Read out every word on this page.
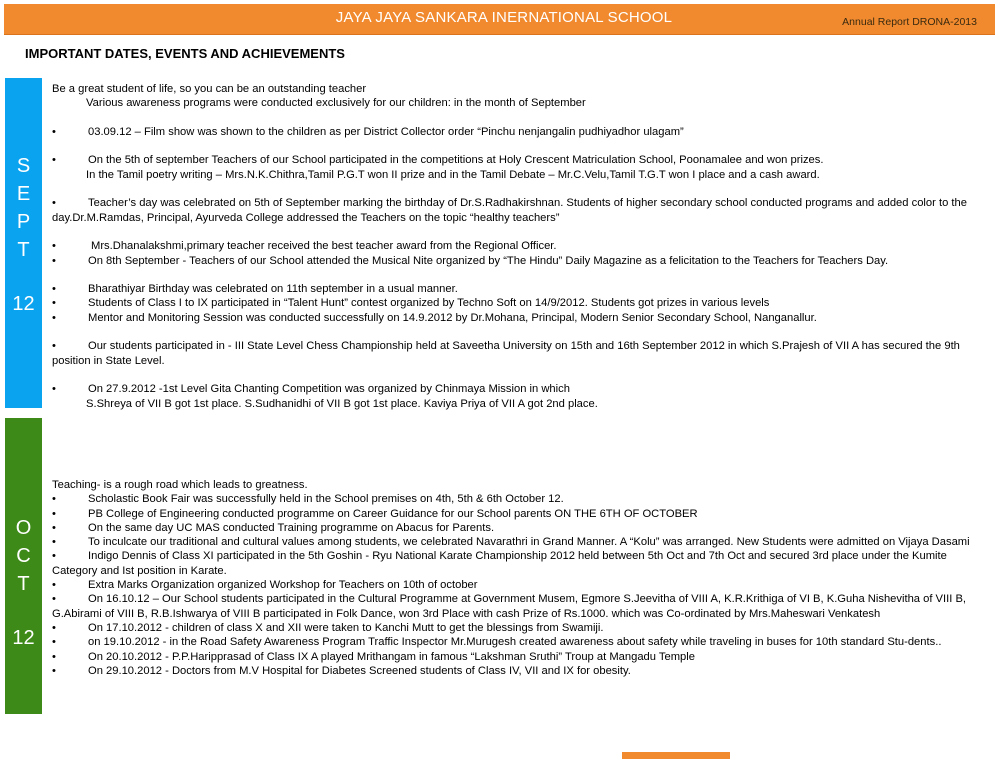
JAYA JAYA SANKARA INERNATIONAL SCHOOL	Annual Report DRONA-2013
IMPORTANT DATES, EVENTS AND ACHIEVEMENTS
S
E
P
T
12
O
C
T
12
Be a great student of life, so you can be an outstanding teacher
Various awareness programs were conducted exclusively for our children: in the month of September
•	03.09.12 – Film show was shown to the children as per District Collector order “Pinchu nenjangalin pudhiyadhor ulagam”
•	On the 5th of september Teachers of our School participated in the competitions at Holy Crescent Matriculation School, Poonamalee and won prizes.
In the Tamil poetry writing – Mrs.N.K.Chithra,Tamil P.G.T won II prize and in the Tamil Debate – Mr.C.Velu,Tamil T.G.T won I place and a cash award.
•	Teacher’s day was celebrated on 5th of September marking the birthday of Dr.S.Radhakirshnan. Students of higher secondary school conducted programs and added color to the day.Dr.M.Ramdas, Principal, Ayurveda College addressed the Teachers on the topic “healthy teachers”
•	Mrs.Dhanalakshmi,primary teacher received the best teacher award from the Regional Officer.
•	On 8th September - Teachers of our School attended the Musical Nite organized by “The Hindu” Daily Magazine as a felicitation to the Teachers for Teachers Day.
•	Bharathiyar Birthday was celebrated on 11th september in a usual manner.
•	Students of Class I to IX participated in “Talent Hunt” contest organized by Techno Soft on 14/9/2012. Students got prizes in various levels
•	Mentor and Monitoring Session was conducted successfully on 14.9.2012 by Dr.Mohana, Principal, Modern Senior Secondary School, Nanganallur.
•	Our students participated in - III State Level Chess Championship held at Saveetha University on 15th and 16th September 2012 in which S.Prajesh of VII A has secured the 9th position in State Level.
•	On 27.9.2012 -1st Level Gita Chanting Competition was organized by Chinmaya Mission in which
S.Shreya of VII B got 1st place. S.Sudhanidhi of VII B got 1st place. Kaviya Priya of VII A got 2nd place.
Teaching- is a rough road which leads to greatness.
•	Scholastic Book Fair was successfully held in the School premises on 4th, 5th & 6th October 12.
•	PB College of Engineering conducted programme on Career Guidance for our School parents ON THE 6TH OF OCTOBER
•	On the same day UC MAS conducted Training programme on Abacus for Parents.
•	To inculcate our traditional and cultural values among students, we celebrated Navarathri in Grand Manner. A “Kolu” was arranged. New Students were admitted on Vijaya Dasami
•	Indigo Dennis of Class XI participated in the 5th Goshin - Ryu National Karate Championship 2012 held between 5th Oct and 7th Oct and secured 3rd place under the Kumite Category and Ist position in Karate.
•	Extra Marks Organization organized Workshop for Teachers on 10th of october
•	On 16.10.12 – Our School students participated in the Cultural Programme at Government Musem, Egmore S.Jeevitha of VIII A, K.R.Krithiga of VI B, K.Guha Nishevitha of VIII B, G.Abirami of VIII B, R.B.Ishwarya of VIII B participated in Folk Dance, won 3rd Place with cash Prize of Rs.1000. which was Co-ordinated by Mrs.Maheswari Venkatesh
•	On 17.10.2012 - children of class X and XII were taken to Kanchi Mutt to get the blessings from Swamiji.
•	on 19.10.2012 - in the Road Safety Awareness Program Traffic Inspector Mr.Murugesh created awareness about safety while traveling in buses for 10th standard Stu-dents..
•	On 20.10.2012 - P.P.Haripprasad of Class IX A played Mrithangam in famous “Lakshman Sruthi” Troup at Mangadu Temple
•	On 29.10.2012 - Doctors from M.V Hospital for Diabetes Screened students of Class IV, VII and IX for obesity.
